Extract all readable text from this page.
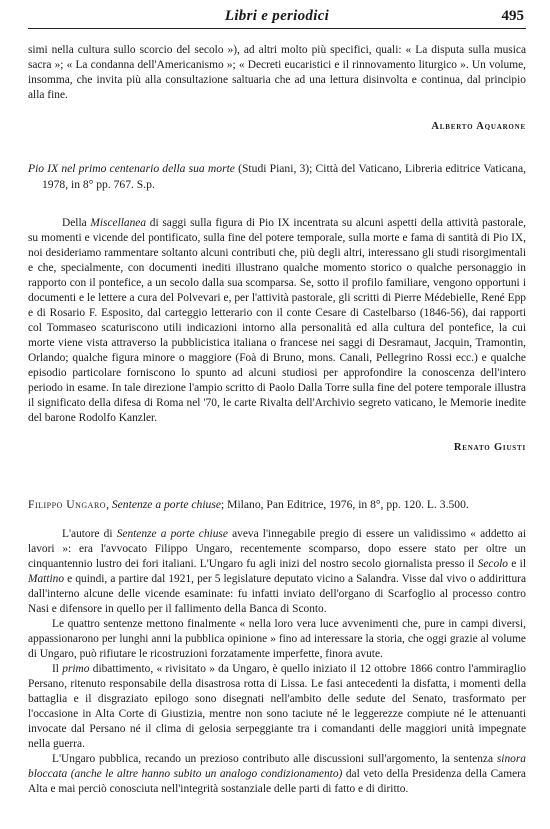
Libri e periodici	495

simi nella cultura sullo scorcio del secolo »), ad altri molto più specifici, quali: « La disputa sulla musica sacra »; « La condanna dell'Americanismo »; « Decreti eucaristici e il rinnovamento liturgico ». Un volume, insomma, che invita più alla consultazione saltuaria che ad una lettura disinvolta e continua, dal principio alla fine.

Alberto Aquarone

Pio IX nel primo centenario della sua morte (Studi Piani, 3); Città del Vaticano, Libreria editrice Vaticana, 1978, in 8° pp. 767. S.p.

Della Miscellanea di saggi sulla figura di Pio IX incentrata su alcuni aspetti della attività pastorale, su momenti e vicende del pontificato, sulla fine del potere temporale, sulla morte e fama di santità di Pio IX, noi desideriamo rammentare soltanto alcuni contributi che, più degli altri, interessano gli studi risorgimentali e che, specialmente, con documenti inediti illustrano qualche momento storico o qualche personaggio in rapporto con il pontefice, a un secolo dalla sua scomparsa. Se, sotto il profilo familiare, vengono opportuni i documenti e le lettere a cura del Polvevari e, per l'attività pastorale, gli scritti di Pierre Médebielle, René Epp e di Rosario F. Esposito, dal carteggio letterario con il conte Cesare di Castelbarso (1846-56), dai rapporti col Tommaseo scaturiscono utili indicazioni intorno alla personalità ed alla cultura del pontefice, la cui morte viene vista attraverso la pubblicistica italiana o francese nei saggi di Desramaut, Jacquin, Tramontin, Orlando; qualche figura minore o maggiore (Foà di Bruno, mons. Canali, Pellegrino Rossi ecc.) e qualche episodio particolare forniscono lo spunto ad alcuni studiosi per approfondire la conoscenza dell'intero periodo in esame. In tale direzione l'ampio scritto di Paolo Dalla Torre sulla fine del potere temporale illustra il significato della difesa di Roma nel '70, le carte Rivalta dell'Archivio segreto vaticano, le Memorie inedite del barone Rodolfo Kanzler.

Renato Giusti

Filippo Ungaro, Sentenze a porte chiuse; Milano, Pan Editrice, 1976, in 8°, pp. 120. L. 3.500.

L'autore di Sentenze a porte chiuse aveva l'innegabile pregio di essere un validissimo « addetto ai lavori »: era l'avvocato Filippo Ungaro, recentemente scomparso, dopo essere stato per oltre un cinquantennio lustro dei fori italiani. L'Ungaro fu agli inizi del nostro secolo giornalista presso il Secolo e il Mattino e quindi, a partire dal 1921, per 5 legislature deputato vicino a Salandra. Visse dal vivo o addirittura dall'interno alcune delle vicende esaminate: fu infatti inviato dell'organo di Scarfoglio al processo contro Nasi e difensore in quello per il fallimento della Banca di Sconto.

Le quattro sentenze mettono finalmente « nella loro vera luce avvenimenti che, pure in campi diversi, appassionarono per lunghi anni la pubblica opinione » fino ad interessare la storia, che oggi grazie al volume di Ungaro, può rifiutare le ricostruzioni forzatamente imperfette, finora avute.

Il primo dibattimento, « rivisitato » da Ungaro, è quello iniziato il 12 ottobre 1866 contro l'ammiraglio Persano, ritenuto responsabile della disastrosa rotta di Lissa. Le fasi antecedenti la disfatta, i momenti della battaglia e il disgraziato epilogo sono disegnati nell'ambito delle sedute del Senato, trasformato per l'occasione in Alta Corte di Giustizia, mentre non sono taciute né le leggerezze compiute né le attenuanti invocate dal Persano né il clima di gelosia serpeggiante tra i comandanti delle maggiori unità impegnate nella guerra.

L'Ungaro pubblica, recando un prezioso contributo alle discussioni sull'argomento, la sentenza sinora bloccata (anche le altre hanno subito un analogo condizionamento) dal veto della Presidenza della Camera Alta e mai perciò conosciuta nell'integrità sostanziale delle parti di fatto e di diritto.
